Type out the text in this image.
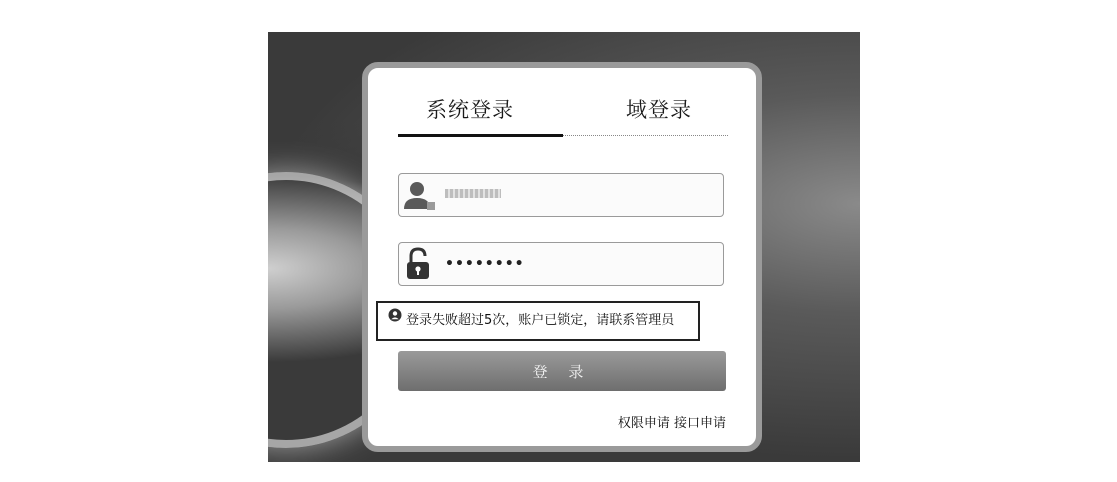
系统登录	域登录
••••••••
登录失败超过5次，账户已锁定，请联系管理员
登 录
权限申请 接口申请
